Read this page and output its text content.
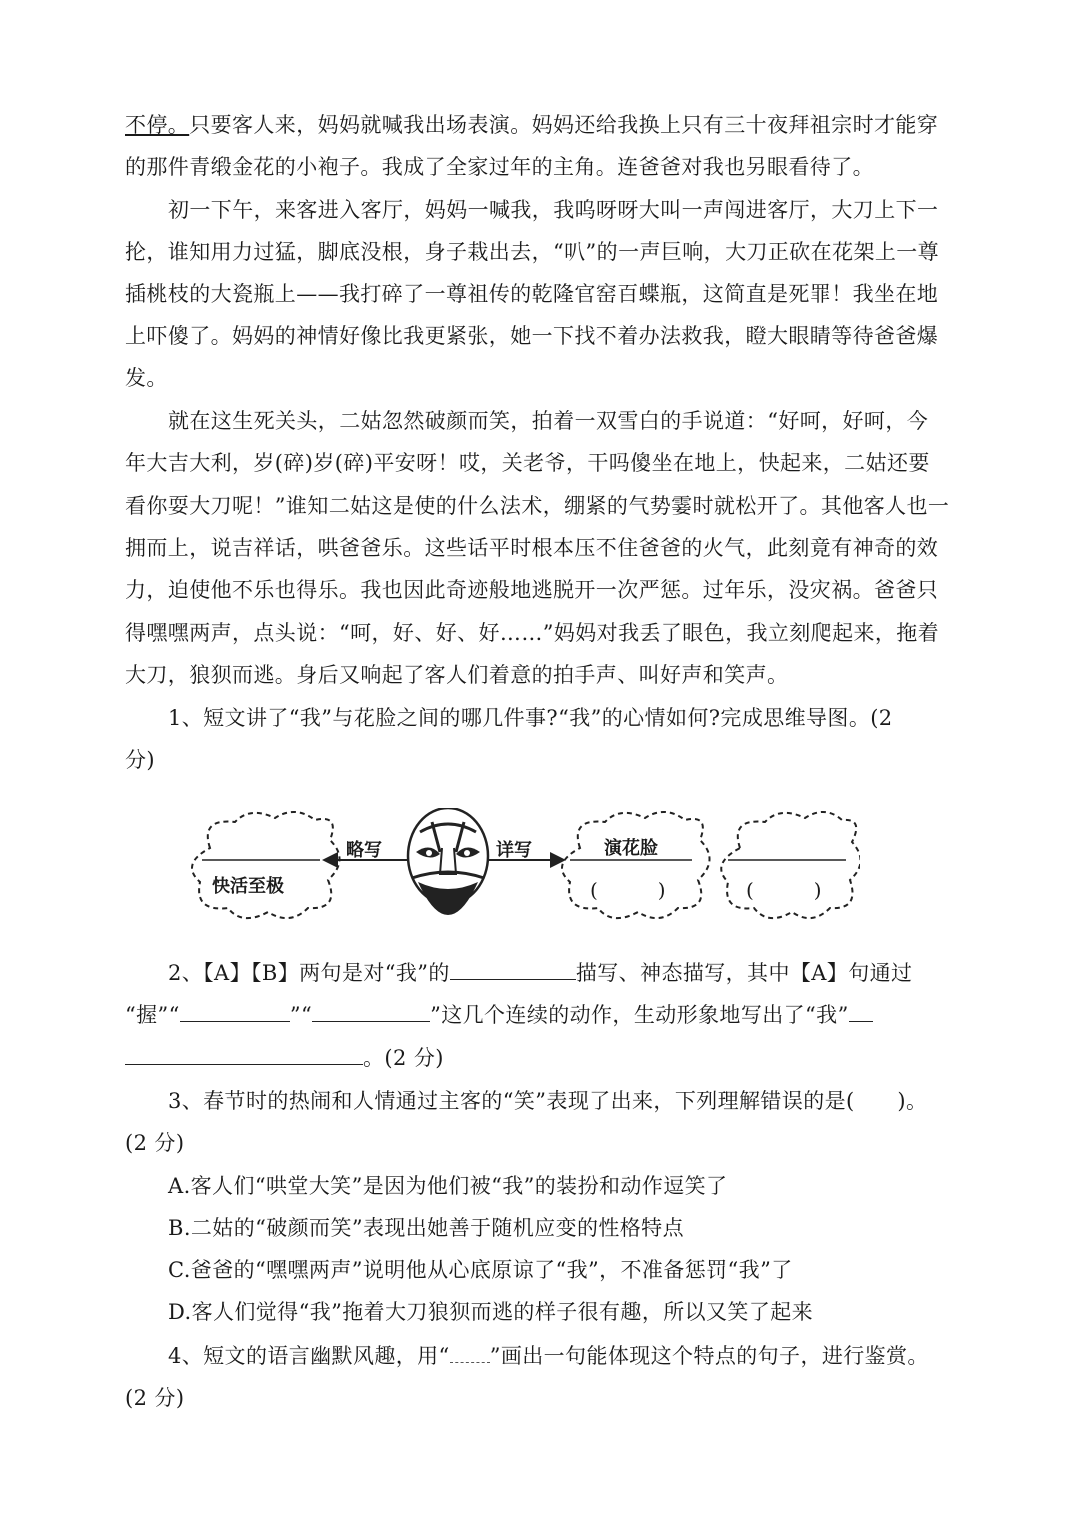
不停。只要客人来，妈妈就喊我出场表演。妈妈还给我换上只有三十夜拜祖宗时才能穿
的那件青缎金花的小袍子。我成了全家过年的主角。连爸爸对我也另眼看待了。
初一下午，来客进入客厅，妈妈一喊我，我呜呀呀大叫一声闯进客厅，大刀上下一
抡，谁知用力过猛，脚底没根，身子栽出去，“叭”的一声巨响，大刀正砍在花架上一尊
插桃枝的大瓷瓶上——我打碎了一尊祖传的乾隆官窑百蝶瓶，这简直是死罪！我坐在地
上吓傻了。妈妈的神情好像比我更紧张，她一下找不着办法救我，瞪大眼睛等待爸爸爆
发。
就在这生死关头，二姑忽然破颜而笑，拍着一双雪白的手说道：“好呵，好呵，今
年大吉大利，岁(碎)岁(碎)平安呀！哎，关老爷，干吗傻坐在地上，快起来，二姑还要
看你耍大刀呢！”谁知二姑这是使的什么法术，绷紧的气势霎时就松开了。其他客人也一
拥而上，说吉祥话，哄爸爸乐。这些话平时根本压不住爸爸的火气，此刻竟有神奇的效
力，迫使他不乐也得乐。我也因此奇迹般地逃脱开一次严惩。过年乐，没灾祸。爸爸只
得嘿嘿两声，点头说：“呵，好、好、好……”妈妈对我丢了眼色，我立刻爬起来，拖着
大刀，狼狈而逃。身后又响起了客人们着意的拍手声、叫好声和笑声。
1、短文讲了“我”与花脸之间的哪几件事?“我”的心情如何?完成思维导图。(2
分)
快活至极
略写	详写	演花脸
(　　　)	(　　　)
2、【A】【B】两句是对“我”的	描写、神态描写，其中【A】句通过
“握”“	”“	”这几个连续的动作，生动形象地写出了“我”
。(2 分)
3、春节时的热闹和人情通过主客的“笑”表现了出来，下列理解错误的是(　　)。
(2 分)
A.客人们“哄堂大笑”是因为他们被“我”的装扮和动作逗笑了
B.二姑的“破颜而笑”表现出她善于随机应变的性格特点
C.爸爸的“嘿嘿两声”说明他从心底原谅了“我”，不准备惩罚“我”了
D.客人们觉得“我”拖着大刀狼狈而逃的样子很有趣，所以又笑了起来
4、短文的语言幽默风趣，用“ ”画出一句能体现这个特点的句子，进行鉴赏。
(2 分)
